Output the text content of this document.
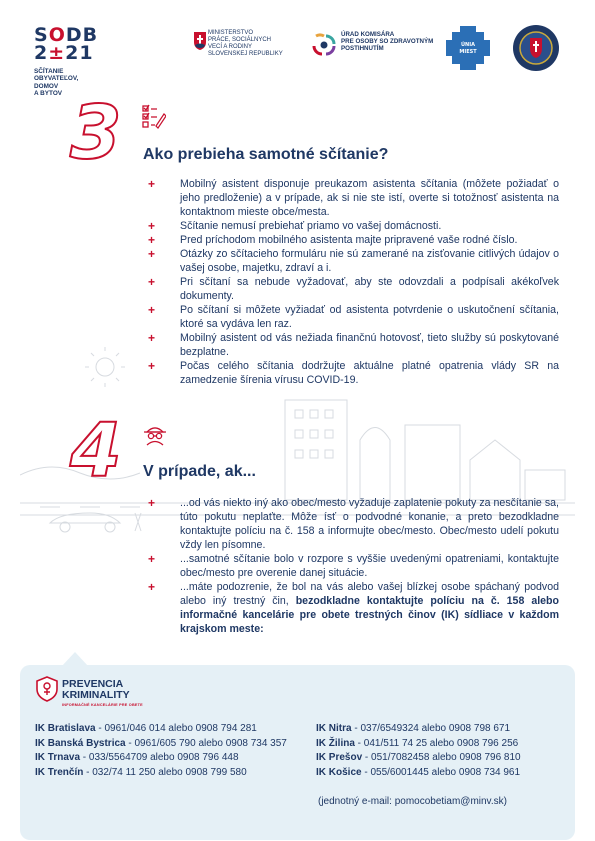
SODB
2±21
SČÍTANIE
OBYVATEĽOV,
DOMOV
A BYTOV
MINISTERSTVO
PRÁCE, SOCIÁLNYCH
VECÍ A RODINY
SLOVENSKEJ REPUBLIKY
ÚRAD KOMISÁRA
PRE OSOBY SO ZDRAVOTNÝM
POSTIHNUTÍM
ÚNIA
MIEST
3 Ako prebieha samotné sčítanie?
+ Mobilný asistent disponuje preukazom asistenta sčítania (môžete požiadať o jeho predloženie) a v prípade, ak si nie ste istí, overte si totožnosť asistenta na kontaktnom mieste obce/mesta.
+ Sčítanie nemusí prebiehať priamo vo vašej domácnosti.
+ Pred príchodom mobilného asistenta majte pripravené vaše rodné číslo.
+ Otázky zo sčítacieho formuláru nie sú zamerané na zisťovanie citlivých údajov o vašej osobe, majetku, zdraví a i.
+ Pri sčítaní sa nebude vyžadovať, aby ste odovzdali a podpísali akékoľvek dokumenty.
+ Po sčítaní si môžete vyžiadať od asistenta potvrdenie o uskutočnení sčítania, ktoré sa vydáva len raz.
+ Mobilný asistent od vás nežiada finančnú hotovosť, tieto služby sú poskytované bezplatne.
+ Počas celého sčítania dodržujte aktuálne platné opatrenia vlády SR na zamedzenie šírenia vírusu COVID-19.
4 V prípade, ak...
+ ...od vás niekto iný ako obec/mesto vyžaduje zaplatenie pokuty za nesčítanie sa, túto pokutu neplaťte. Môže ísť o podvodné konanie, a preto bezodkladne kontaktujte políciu na č. 158 a informujte obec/mesto. Obec/mesto udelí pokutu vždy len písomne.
+ ...samotné sčítanie bolo v rozpore s vyššie uvedenými opatreniami, kontaktujte obec/mesto pre overenie danej situácie.
+ ...máte podozrenie, že bol na vás alebo vašej blízkej osobe spáchaný podvod alebo iný trestný čin, bezodkladne kontaktujte políciu na č. 158 alebo informačné kancelárie pre obete trestných činov (IK) sídliace v každom krajskom meste:
PREVENCIA
KRIMINALITY
INFORMAČNÉ KANCELÁRIE PRE OBETE
IK Bratislava - 0961/046 014 alebo 0908 794 281
IK Banská Bystrica - 0961/605 790 alebo 0908 734 357
IK Trnava - 033/5564709 alebo 0908 796 448
IK Trenčín - 032/74 11 250 alebo 0908 799 580
IK Nitra - 037/6549324 alebo 0908 798 671
IK Žilina - 041/511 74 25 alebo 0908 796 256
IK Prešov - 051/7082458 alebo 0908 796 810
IK Košice - 055/6001445 alebo 0908 734 961
(jednotný e-mail: pomocobetiam@minv.sk)
